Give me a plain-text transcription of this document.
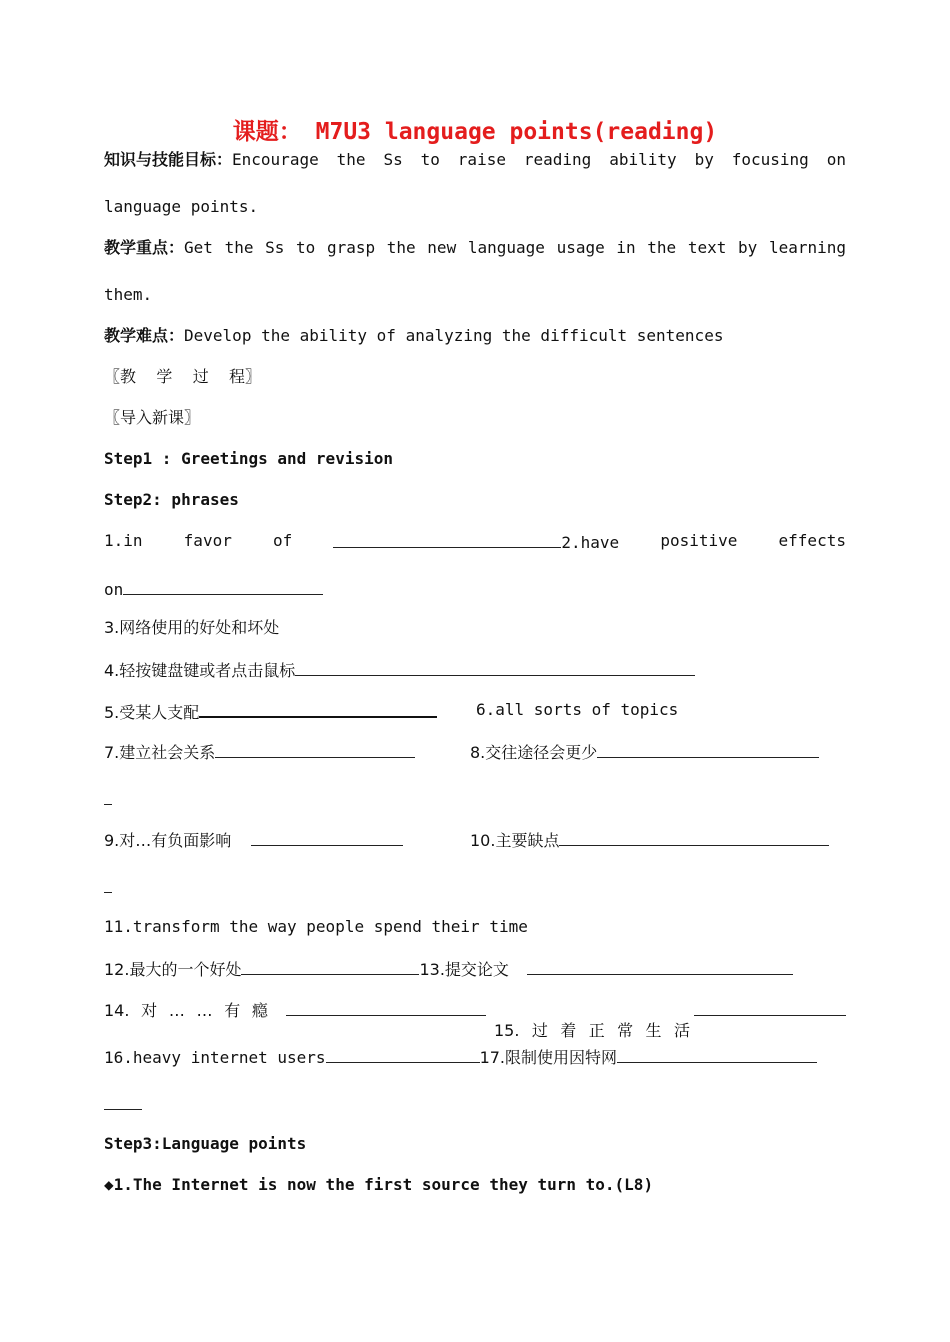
课题： M7U3 language points(reading)
知识与技能目标： Encourage the Ss to raise reading ability by focusing on
language points.
教学重点： Get the Ss to grasp the new language usage in the text by learning
them.
教学难点：Develop the ability of analyzing the difficult sentences
〖教    学    过    程〗
〖导入新课〗
Step1 : Greetings and revision
Step2: phrases
1.in	favor	of	2.have	positive	effects
on
3.网络使用的好处和坏处
4.轻按键盘键或者点击鼠标
5.受某人支配	6.all sorts of topics
7.建立社会关系	8.交往途径会更少
9.对…有负面影响	10.主要缺点
11.transform the way people spend their time
12.最大的一个好处	13.提交论文
14. 对 … … 有 瘾

15. 过 着 正 常 生 活
16.heavy internet users	17.限制使用因特网
Step3:Language points
◆1.The Internet is now the first source they turn to.(L8)
